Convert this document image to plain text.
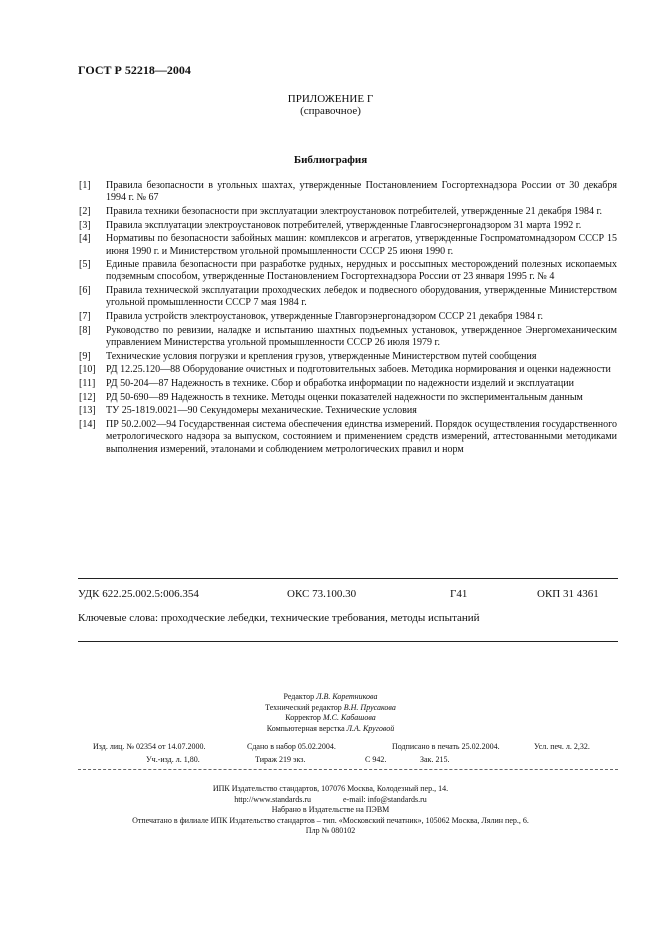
ГОСТ Р 52218—2004
ПРИЛОЖЕНИЕ Г
(справочное)
Библиография
[1]	Правила безопасности в угольных шахтах, утвержденные Постановлением Госгортехнадзора России от 30 декабря 1994 г. № 67
[2]	Правила техники безопасности при эксплуатации электроустановок потребителей, утвержденные 21 декабря 1984 г.
[3]	Правила эксплуатации электроустановок потребителей, утвержденные Главгосэнергонадзором 31 марта 1992 г.
[4]	Нормативы по безопасности забойных машин: комплексов и агрегатов, утвержденные Госпроматомнадзором СССР 15 июня 1990 г. и Министерством угольной промышленности СССР 25 июня 1990 г.
[5]	Единые правила безопасности при разработке рудных, нерудных и россыпных месторождений полезных ископаемых подземным способом, утвержденные Постановлением Госгортехнадзора России от 23 января 1995 г. № 4
[6]	Правила технической эксплуатации проходческих лебедок и подвесного оборудования, утвержденные Министерством угольной промышленности СССР 7 мая 1984 г.
[7]	Правила устройств электроустановок, утвержденные Главгорэнергонадзором СССР 21 декабря 1984 г.
[8]	Руководство по ревизии, наладке и испытанию шахтных подъемных установок, утвержденное Энергомеханическим управлением Министерства угольной промышленности СССР 26 июля 1979 г.
[9]	Технические условия погрузки и крепления грузов, утвержденные Министерством путей сообщения
[10]	РД 12.25.120—88 Оборудование очистных и подготовительных забоев. Методика нормирования и оценки надежности
[11]	РД 50-204—87 Надежность в технике. Сбор и обработка информации по надежности изделий и эксплуатации
[12]	РД 50-690—89 Надежность в технике. Методы оценки показателей надежности по экспериментальным данным
[13]	ТУ 25-1819.0021—90 Секундомеры механические. Технические условия
[14]	ПР 50.2.002—94 Государственная система обеспечения единства измерений. Порядок осуществления государственного метрологического надзора за выпуском, состоянием и применением средств измерений, аттестованными методиками выполнения измерений, эталонами и соблюдением метрологических правил и норм
УДК 622.25.002.5:006.354	ОКС 73.100.30	Г41	ОКП 31 4361
Ключевые слова: проходческие лебедки, технические требования, методы испытаний
Редактор Л.В. Коретникова
Технический редактор В.Н. Прусакова
Корректор М.С. Кабашова
Компьютерная верстка Л.А. Круговой
Изд. лиц. № 02354 от 14.07.2000.	Сдано в набор 05.02.2004.	Подписано в печать 25.02.2004.	Усл. печ. л. 2,32.
Уч.-изд. л. 1,80.	Тираж 219 экз.	С 942.	Зак. 215.
ИПК Издательство стандартов, 107076 Москва, Колодезный пер., 14.
http://www.standards.ru	e-mail: info@standards.ru
Набрано в Издательстве на ПЭВМ
Отпечатано в филиале ИПК Издательство стандартов – тип. «Московский печатник», 105062 Москва, Лялин пер., 6.
Плр № 080102
